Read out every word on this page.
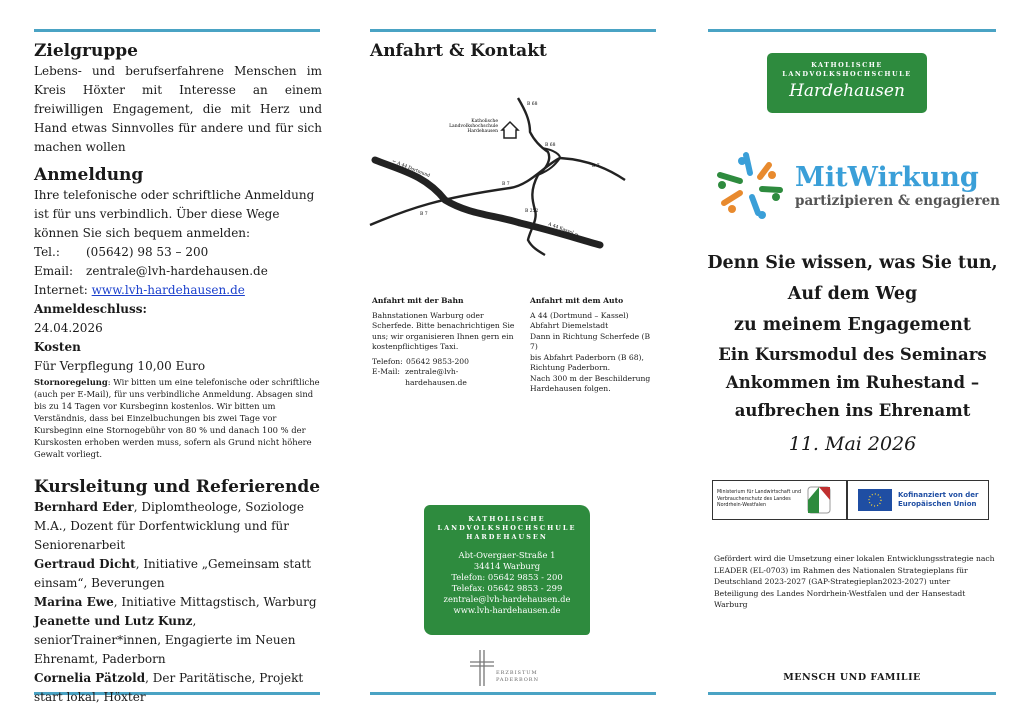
Zielgruppe

Lebens- und berufserfahrene Menschen im Kreis Höxter mit Interesse an einem freiwilligen Engagement, die mit Herz und Hand etwas Sinnvolles für andere und für sich machen wollen

Anmeldung

Ihre telefonische oder schriftliche Anmeldung ist für uns verbindlich. Über diese Wege können Sie sich bequem anmelden:

Tel.:	(05642) 98 53 – 200
Email:	zentrale@lvh-hardehausen.de
Internet: www.lvh-hardehausen.de
Anmeldeschluss:
24.04.2026
Kosten
Für Verpflegung 10,00 Euro

Stornoregelung: Wir bitten um eine telefonische oder schriftliche (auch per E-Mail), für uns verbindliche Anmeldung. Absagen sind bis zu 14 Tagen vor Kursbeginn kostenlos. Wir bitten um Verständnis, dass bei Einzelbuchungen bis zwei Tage vor Kursbeginn eine Stornogebühr von 80 % und danach 100 % der Kurskosten erhoben werden muss, sofern als Grund nicht höhere Gewalt vorliegt.

Kursleitung und Referierende

Bernhard Eder, Diplomtheologe, Soziologe M.A., Dozent für Dorfentwicklung und für Seniorenarbeit

Gertraud Dicht, Initiative „Gemeinsam statt einsam“, Beverungen

Marina Ewe, Initiative Mittagstisch, Warburg

Jeanette und Lutz Kunz, seniorTrainer*innen, Engagierte im Neuen Ehrenamt, Paderborn

Cornelia Pätzold, Der Paritätische, Projekt start lokal, Höxter

Anfahrt & Kontakt
Katholische
Landvolkshochschule
Hardehausen
B 68
B 68
B 7
B 7
B 7
B 252
← A 44 Dortmund
A 44 Kassel →
Anfahrt mit der Bahn
Bahnstationen Warburg oder Scherfede. Bitte benachrichtigen Sie uns; wir organisieren Ihnen gern ein kostenpflichtiges Taxi.
Telefon: 05642 9853-200
E-Mail: zentrale@lvh-hardehausen.de
Anfahrt mit dem Auto
A 44 (Dortmund – Kassel)
Abfahrt Diemelstadt
Dann in Richtung Scherfede (B 7)
bis Abfahrt Paderborn (B 68),
Richtung Paderborn.
Nach 300 m der Beschilderung
Hardehausen folgen.
KATHOLISCHE
LANDVOLKSHOCHSCHULE
HARDEHAUSEN
Abt-Overgaer-Straße 1
34414 Warburg
Telefon: 05642 9853 - 200
Telefax: 05642 9853 - 299
zentrale@lvh-hardehausen.de
www.lvh-hardehausen.de
ERZBISTUM
PADERBORN
KATHOLISCHE
LANDVOLKSHOCHSCHULE
Hardehausen
MitWirkung
partizipieren & engagieren
Denn Sie wissen, was Sie tun,
Auf dem Weg
zu meinem Engagement
Ein Kursmodul des Seminars
Ankommen im Ruhestand –
aufbrechen ins Ehrenamt
11. Mai 2026
Ministerium für Landwirtschaft und Verbraucherschutz des Landes Nordrhein-Westfalen
Kofinanziert von der Europäischen Union

Gefördert wird die Umsetzung einer lokalen Entwicklungsstrategie nach LEADER (EL-0703) im Rahmen des Nationalen Strategieplans für Deutschland 2023-2027 (GAP-Strategieplan2023-2027) unter Beteiligung des Landes Nordrhein-Westfalen und der Hansestadt Warburg

MENSCH UND FAMILIE
